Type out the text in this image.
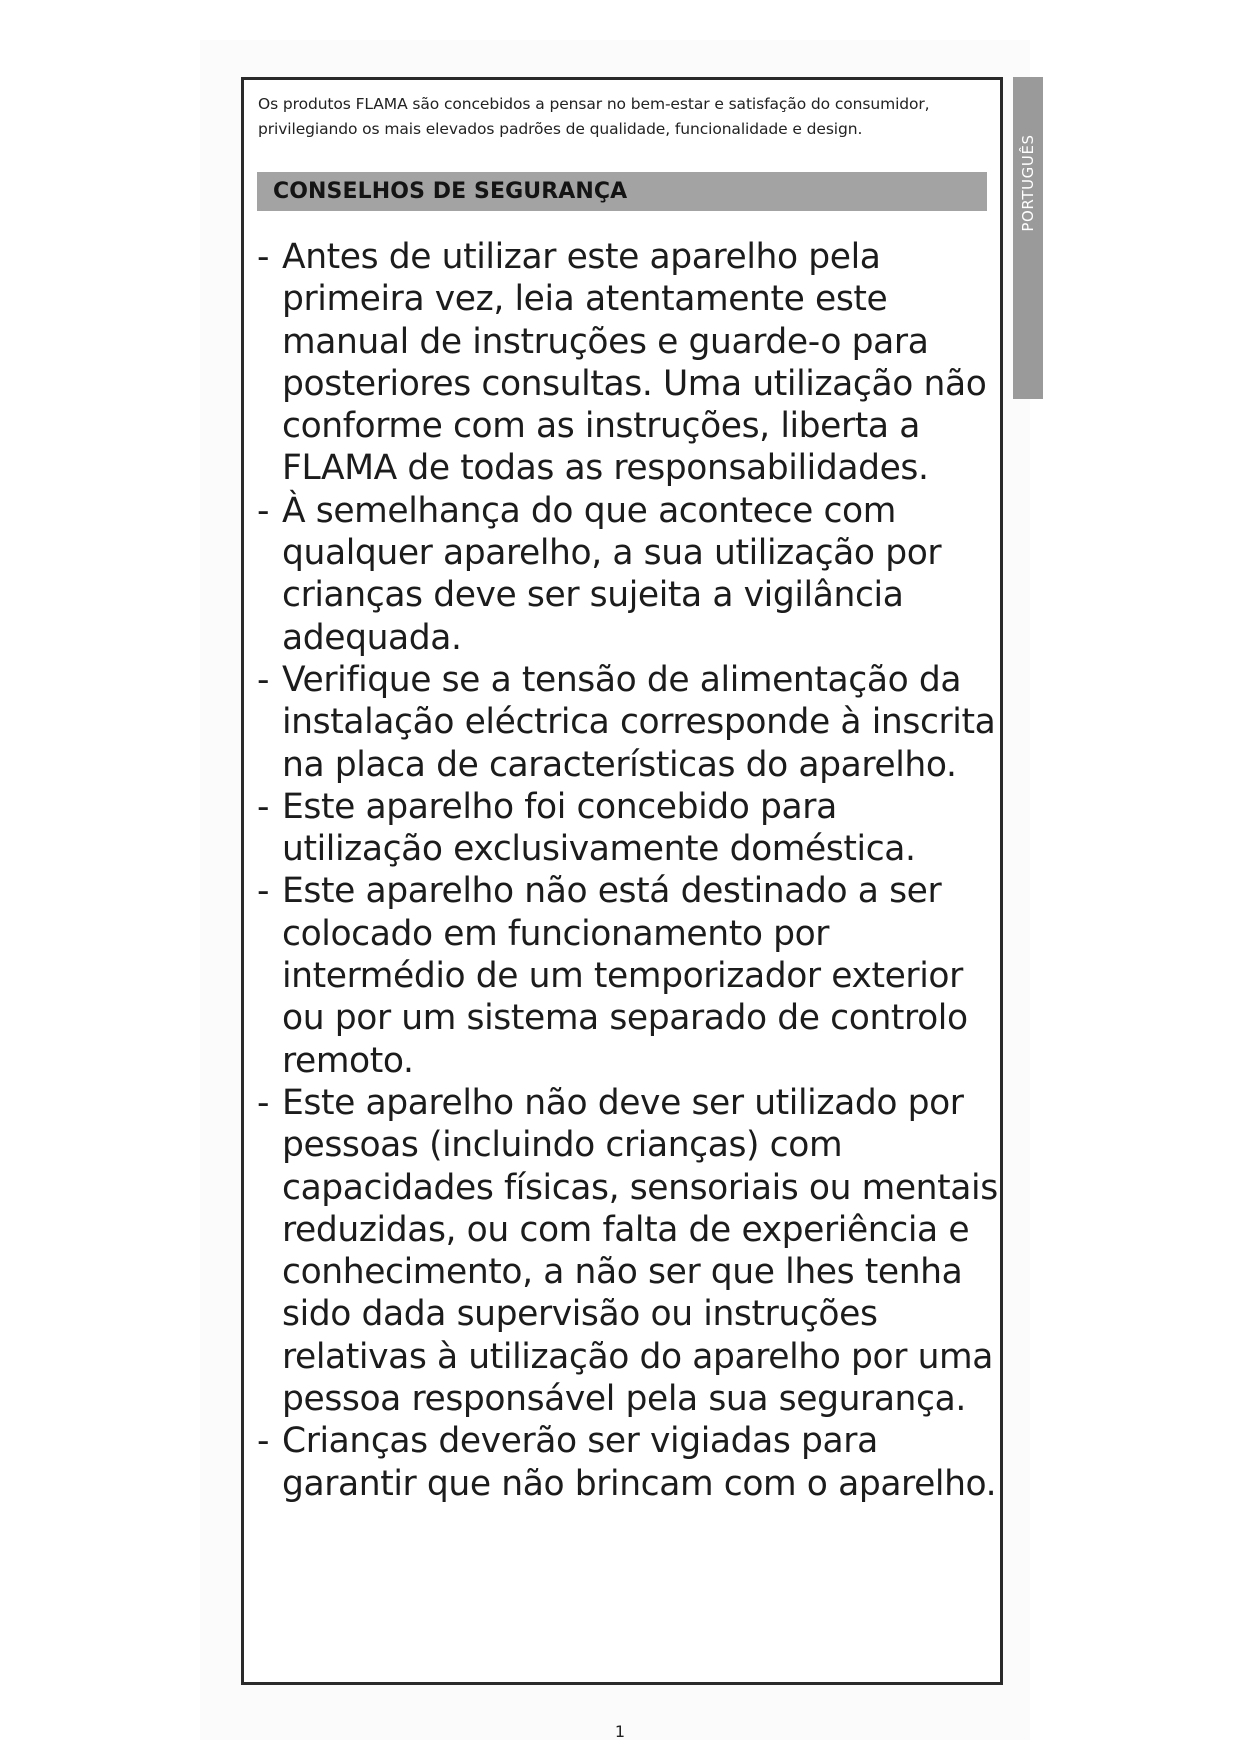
Os produtos FLAMA são concebidos a pensar no bem-estar e satisfação do consumidor,

privilegiando os mais elevados padrões de qualidade, funcionalidade e design.

CONSELHOS DE SEGURANÇA
- Antes de utilizar este aparelho pela primeira vez, leia atentamente este manual de instruções e guarde-o para posteriores consultas. Uma utilização não conforme com as instruções, liberta a FLAMA de todas as responsabilidades.
- À semelhança do que acontece com qualquer aparelho, a sua utilização por crianças deve ser sujeita a vigilância adequada.
- Verifique se a tensão de alimentação da instalação eléctrica corresponde à inscrita na placa de características do aparelho.
- Este aparelho foi concebido para utilização exclusivamente doméstica.
- Este aparelho não está destinado a ser colocado em funcionamento por intermédio de um temporizador exterior ou por um sistema separado de controlo remoto.
- Este aparelho não deve ser utilizado por pessoas (incluindo crianças) com capacidades físicas, sensoriais ou mentais reduzidas, ou com falta de experiência e conhecimento, a não ser que lhes tenha sido dada supervisão ou instruções relativas à utilização do aparelho por uma pessoa responsável pela sua segurança.
- Crianças deverão ser vigiadas para garantir que não brincam com o aparelho.
PORTUGUÊS
1
